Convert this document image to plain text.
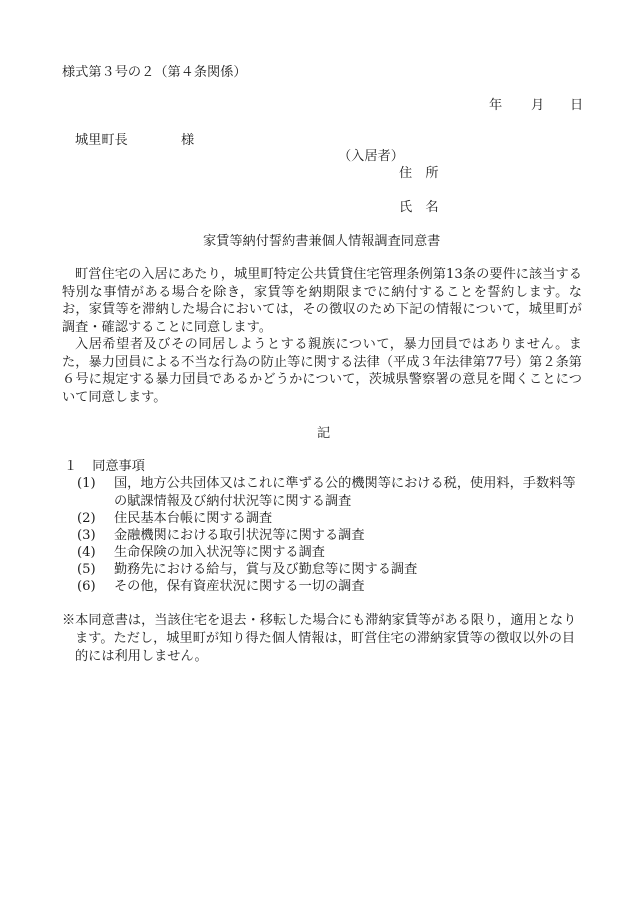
様式第３号の２（第４条関係）
年 月 日
城里町長	様
（入居者）
住　所
氏　名
家賃等納付誓約書兼個人情報調査同意書
町営住宅の入居にあたり，城里町特定公共賃貸住宅管理条例第13条の要件に該当する特別な事情がある場合を除き，家賃等を納期限までに納付することを誓約します。なお，家賃等を滞納した場合においては，その徴収のため下記の情報について，城里町が調査・確認することに同意します。
入居希望者及びその同居しようとする親族について，暴力団員ではありません。また，暴力団員による不当な行為の防止等に関する法律（平成３年法律第77号）第２条第６号に規定する暴力団員であるかどうかについて，茨城県警察署の意見を聞くことについて同意します。
記
１ 同意事項
(1) 国，地方公共団体又はこれに準ずる公的機関等における税，使用料，手数料等の賦課情報及び納付状況等に関する調査
(2) 住民基本台帳に関する調査
(3) 金融機関における取引状況等に関する調査
(4) 生命保険の加入状況等に関する調査
(5) 勤務先における給与，賞与及び勤怠等に関する調査
(6) その他，保有資産状況に関する一切の調査
※本同意書は，当該住宅を退去・移転した場合にも滞納家賃等がある限り，適用となります。ただし，城里町が知り得た個人情報は，町営住宅の滞納家賃等の徴収以外の目的には利用しません。
